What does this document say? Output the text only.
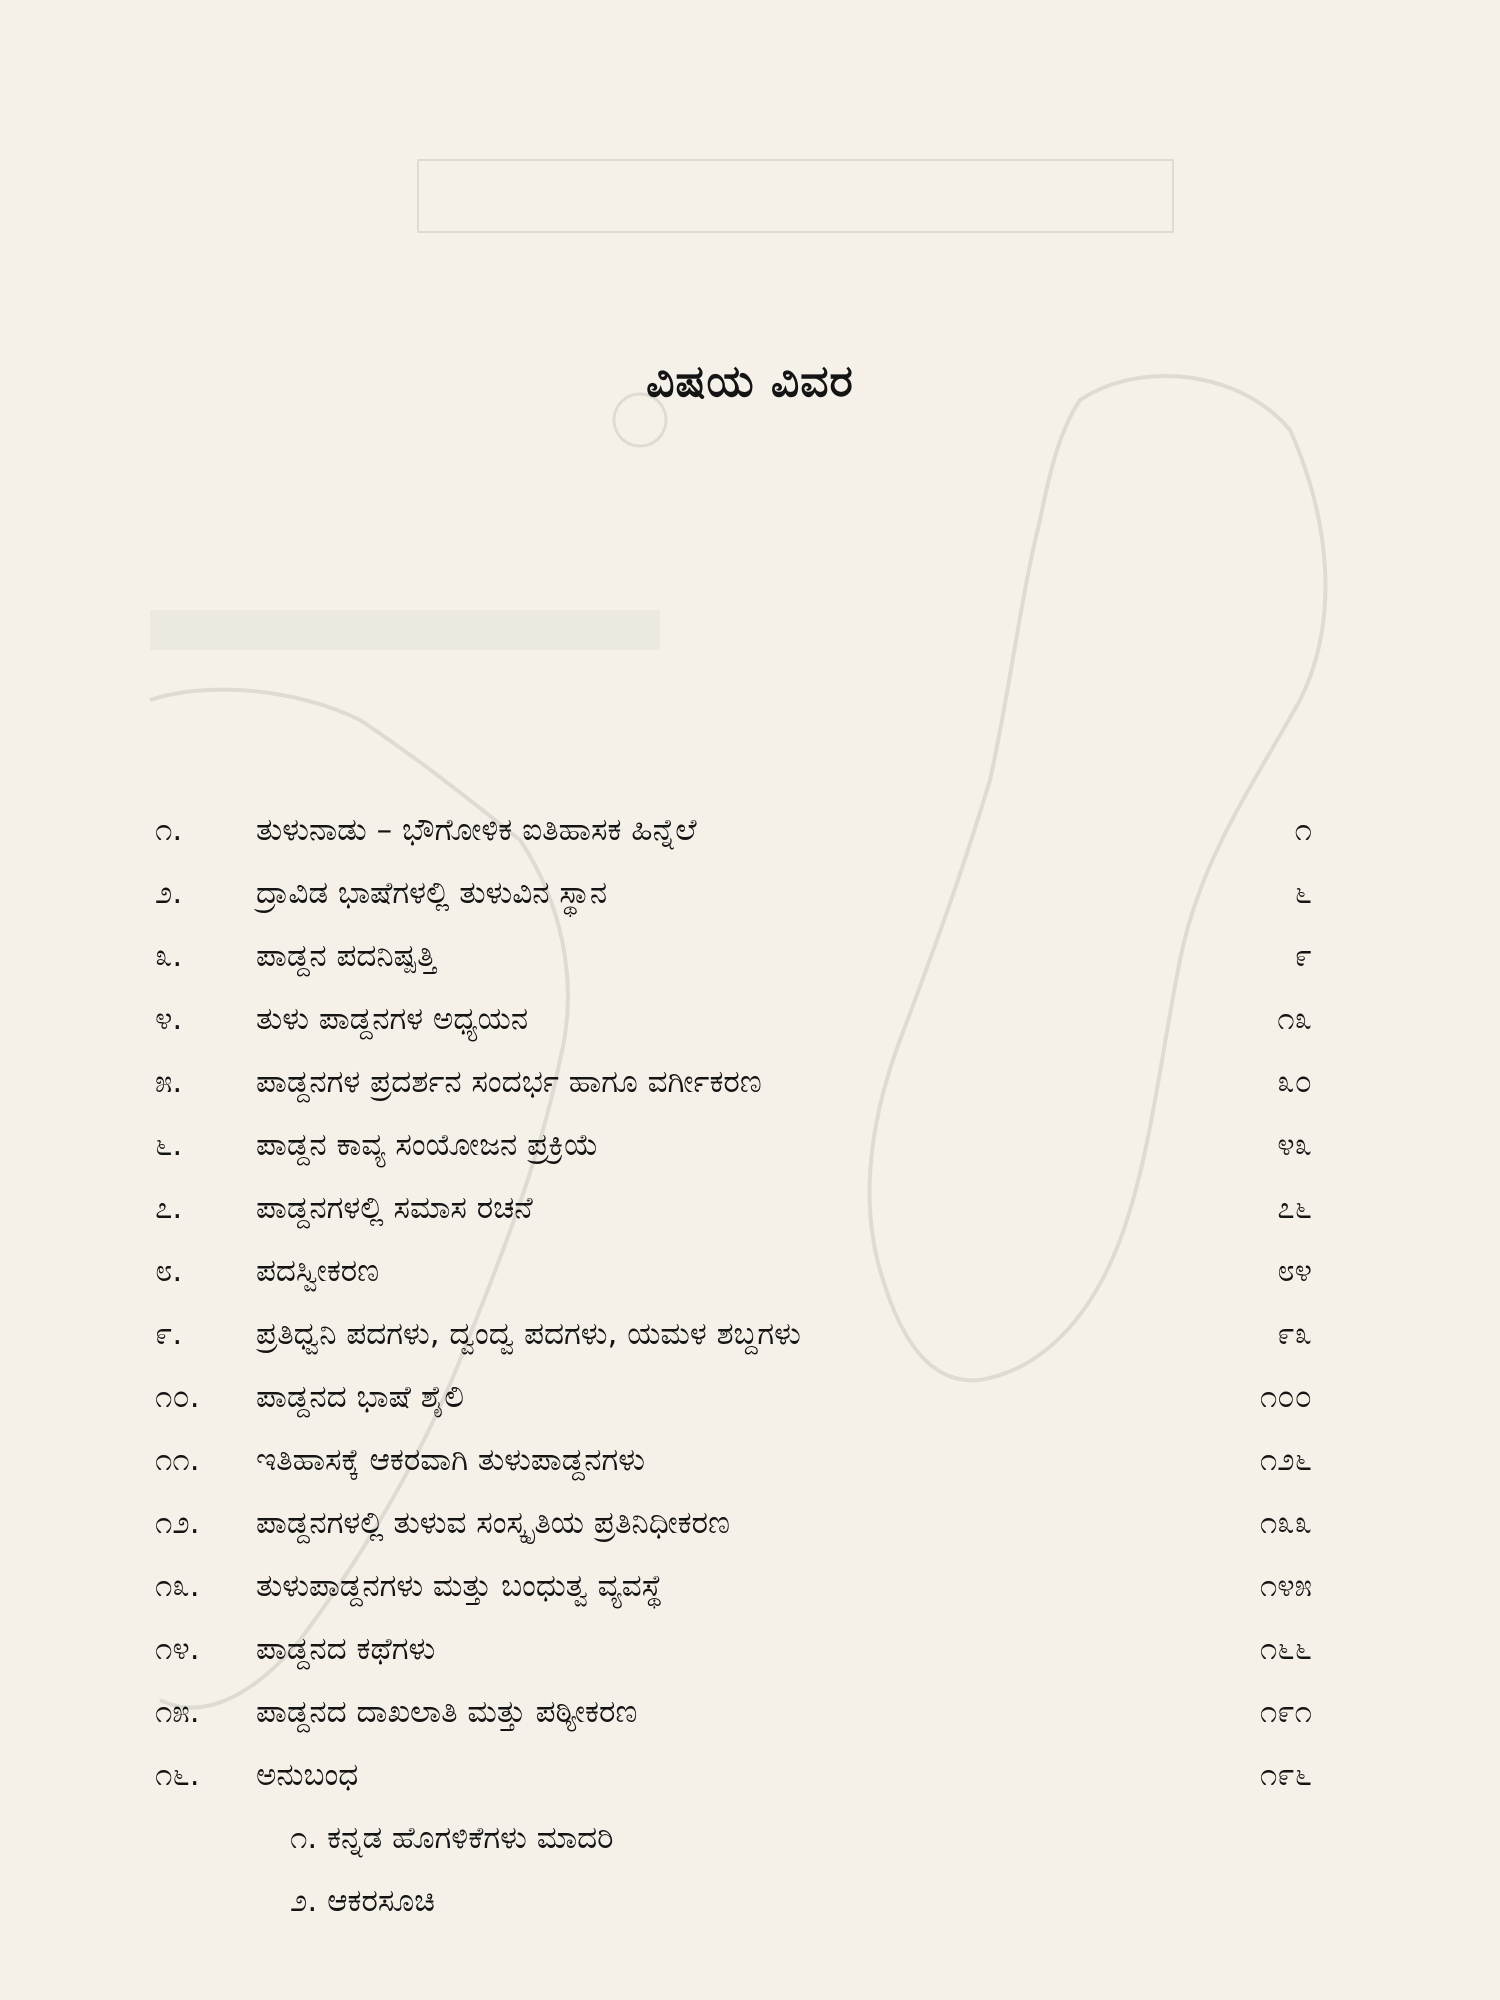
ವಿಷಯ ವಿವರ
೧. ತುಳುನಾಡು – ಭೌಗೋಳಿಕ ಐತಿಹಾಸಕ ಹಿನ್ನೆಲೆ	೧
೨. ದ್ರಾವಿಡ ಭಾಷೆಗಳಲ್ಲಿ ತುಳುವಿನ ಸ್ಥಾನ	೬
೩. ಪಾಡ್ದನ ಪದನಿಷ್ಪತ್ತಿ	೯
೪. ತುಳು ಪಾಡ್ದನಗಳ ಅಧ್ಯಯನ	೧೩
೫. ಪಾಡ್ದನಗಳ ಪ್ರದರ್ಶನ ಸಂದರ್ಭ ಹಾಗೂ ವರ್ಗೀಕರಣ	೩೦
೬. ಪಾಡ್ದನ ಕಾವ್ಯ ಸಂಯೋಜನ ಪ್ರಕ್ರಿಯೆ	೪೩
೭. ಪಾಡ್ದನಗಳಲ್ಲಿ ಸಮಾಸ ರಚನೆ	೭೬
೮. ಪದಸ್ವೀಕರಣ	೮೪
೯. ಪ್ರತಿಧ್ವನಿ ಪದಗಳು, ದ್ವಂದ್ವ ಪದಗಳು, ಯಮಳ ಶಬ್ದಗಳು	೯೩
೧೦. ಪಾಡ್ದನದ ಭಾಷೆ ಶೈಲಿ	೧೦೦
೧೧. ಇತಿಹಾಸಕ್ಕೆ ಆಕರವಾಗಿ ತುಳುಪಾಡ್ದನಗಳು	೧೨೬
೧೨. ಪಾಡ್ದನಗಳಲ್ಲಿ ತುಳುವ ಸಂಸ್ಕೃತಿಯ ಪ್ರತಿನಿಧೀಕರಣ	೧೩೩
೧೩. ತುಳುಪಾಡ್ದನಗಳು ಮತ್ತು ಬಂಧುತ್ವ ವ್ಯವಸ್ಥೆ	೧೪೫
೧೪. ಪಾಡ್ದನದ ಕಥೆಗಳು	೧೬೬
೧೫. ಪಾಡ್ದನದ ದಾಖಲಾತಿ ಮತ್ತು ಪಠ್ಯೀಕರಣ	೧೯೧
೧೬. ಅನುಬಂಧ	೧೯೬
೧. ಕನ್ನಡ ಹೊಗಳಿಕೆಗಳು ಮಾದರಿ
೨. ಆಕರಸೂಚಿ
